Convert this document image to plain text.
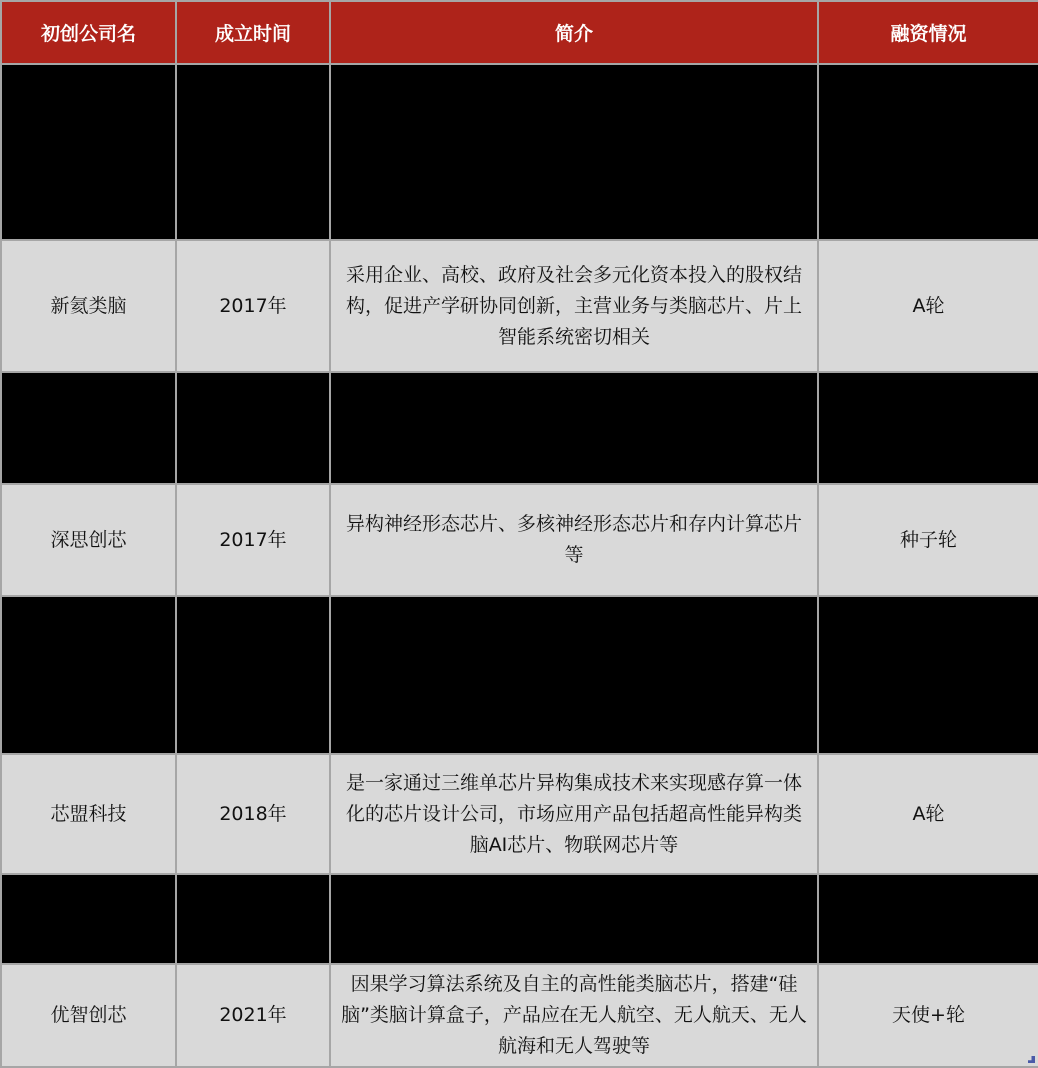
初创公司名	成立时间	简介	融资情况

新氦类脑	2017年	采用企业、高校、政府及社会多元化资本投入的股权结构，促进产学研协同创新，主营业务与类脑芯片、片上智能系统密切相关	A轮

深思创芯	2017年	异构神经形态芯片、多核神经形态芯片和存内计算芯片等	种子轮

芯盟科技	2018年	是一家通过三维单芯片异构集成技术来实现感存算一体化的芯片设计公司，市场应用产品包括超高性能异构类脑AI芯片、物联网芯片等	A轮

优智创芯	2021年	因果学习算法系统及自主的高性能类脑芯片，搭建“硅脑”类脑计算盒子，产品应在无人航空、无人航天、无人航海和无人驾驶等	天使+轮
